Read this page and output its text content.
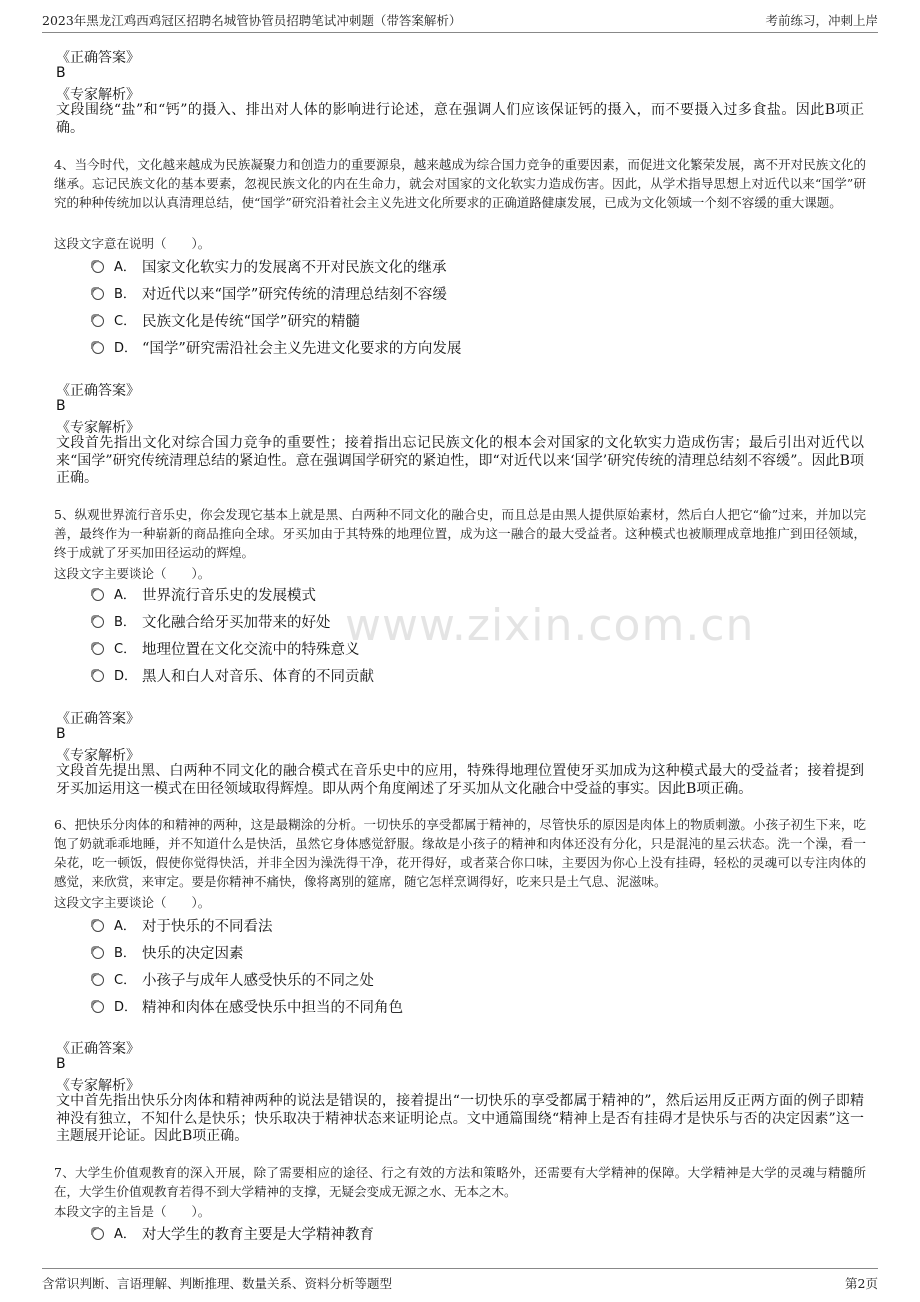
2023年黑龙江鸡西鸡冠区招聘名城管协管员招聘笔试冲刺题（带答案解析）	考前练习，冲刺上岸
www.zixin.com.cn
《正确答案》
B
《专家解析》
文段围绕“盐”和“钙”的摄入、排出对人体的影响进行论述，意在强调人们应该保证钙的摄入，而不要摄入过多食盐。因此B项正确。
4、当今时代，文化越来越成为民族凝聚力和创造力的重要源泉，越来越成为综合国力竞争的重要因素，而促进文化繁荣发展，离不开对民族文化的继承。忘记民族文化的基本要素，忽视民族文化的内在生命力，就会对国家的文化软实力造成伤害。因此，从学术指导思想上对近代以来“国学”研究的种种传统加以认真清理总结，使“国学”研究沿着社会主义先进文化所要求的正确道路健康发展，已成为文化领域一个刻不容缓的重大课题。
这段文字意在说明（　　）。
A． 国家文化软实力的发展离不开对民族文化的继承
B． 对近代以来“国学”研究传统的清理总结刻不容缓
C． 民族文化是传统“国学”研究的精髓
D． “国学”研究需沿社会主义先进文化要求的方向发展
《正确答案》
B
《专家解析》
文段首先指出文化对综合国力竞争的重要性；接着指出忘记民族文化的根本会对国家的文化软实力造成伤害；最后引出对近代以来“国学”研究传统清理总结的紧迫性。意在强调国学研究的紧迫性，即“对近代以来‘国学’研究传统的清理总结刻不容缓”。因此B项正确。
5、纵观世界流行音乐史，你会发现它基本上就是黑、白两种不同文化的融合史，而且总是由黑人提供原始素材，然后白人把它“偷”过来，并加以完善，最终作为一种崭新的商品推向全球。牙买加由于其特殊的地理位置，成为这一融合的最大受益者。这种模式也被顺理成章地推广到田径领域，终于成就了牙买加田径运动的辉煌。
这段文字主要谈论（　　）。
A． 世界流行音乐史的发展模式
B． 文化融合给牙买加带来的好处
C． 地理位置在文化交流中的特殊意义
D． 黑人和白人对音乐、体育的不同贡献
《正确答案》
B
《专家解析》
文段首先提出黑、白两种不同文化的融合模式在音乐史中的应用，特殊得地理位置使牙买加成为这种模式最大的受益者；接着提到牙买加运用这一模式在田径领域取得辉煌。即从两个角度阐述了牙买加从文化融合中受益的事实。因此B项正确。
6、把快乐分肉体的和精神的两种，这是最糊涂的分析。一切快乐的享受都属于精神的，尽管快乐的原因是肉体上的物质刺激。小孩子初生下来，吃饱了奶就乖乖地睡，并不知道什么是快活，虽然它身体感觉舒服。缘故是小孩子的精神和肉体还没有分化，只是混沌的星云状态。洗一个澡，看一朵花，吃一顿饭，假使你觉得快活，并非全因为澡洗得干净，花开得好，或者菜合你口味，主要因为你心上没有挂碍，轻松的灵魂可以专注肉体的感觉，来欣赏，来审定。要是你精神不痛快，像将离别的筵席，随它怎样烹调得好，吃来只是土气息、泥滋味。
这段文字主要谈论（　　）。
A． 对于快乐的不同看法
B． 快乐的决定因素
C． 小孩子与成年人感受快乐的不同之处
D． 精神和肉体在感受快乐中担当的不同角色
《正确答案》
B
《专家解析》
文中首先指出快乐分肉体和精神两种的说法是错误的，接着提出“一切快乐的享受都属于精神的”，然后运用反正两方面的例子即精神没有独立，不知什么是快乐；快乐取决于精神状态来证明论点。文中通篇围绕“精神上是否有挂碍才是快乐与否的决定因素”这一主题展开论证。因此B项正确。
7、大学生价值观教育的深入开展，除了需要相应的途径、行之有效的方法和策略外，还需要有大学精神的保障。大学精神是大学的灵魂与精髓所在，大学生价值观教育若得不到大学精神的支撑，无疑会变成无源之水、无本之木。
本段文字的主旨是（　　）。
A． 对大学生的教育主要是大学精神教育
含常识判断、言语理解、判断推理、数量关系、资料分析等题型	第2页
